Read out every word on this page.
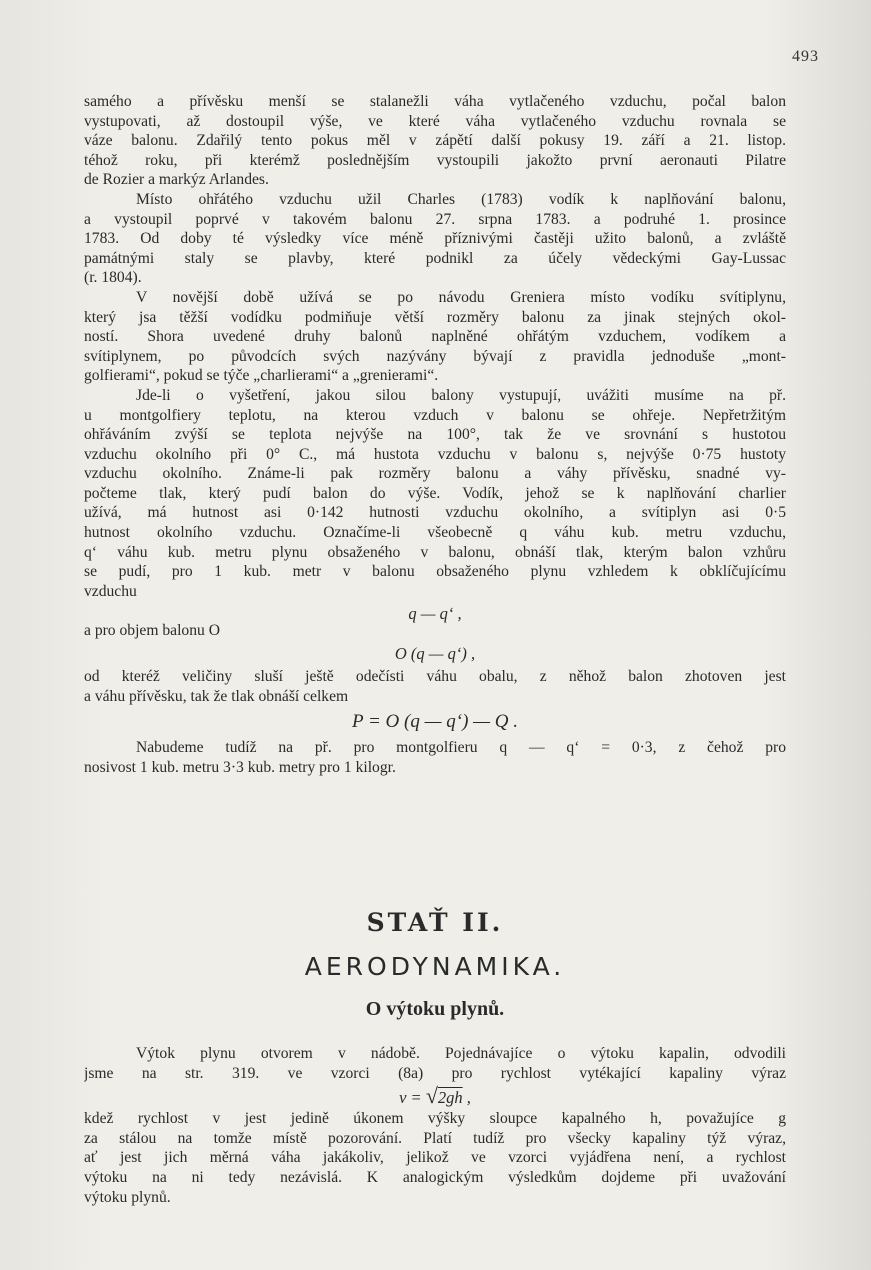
493
samého a přívěsku menší se stalanežli váha vytlačeného vzduchu, počal balon
vystupovati, až dostoupil výše, ve které váha vytlačeného vzduchu rovnala se
váze balonu. Zdařilý tento pokus měl v zápětí další pokusy 19. září a 21. listop.
téhož roku, při kterémž poslednějším vystoupili jakožto první aeronauti Pilatre
de Rozier a markýz Arlandes.
Místo ohřátého vzduchu užil Charles (1783) vodík k naplňování balonu,
a vystoupil poprvé v takovém balonu 27. srpna 1783. a podruhé 1. prosince
1783. Od doby té výsledky více méně příznivými častěji užito balonů, a zvláště
památnými staly se plavby, které podnikl za účely vědeckými Gay-Lussac
(r. 1804).
V novější době užívá se po návodu Greniera místo vodíku svítiplynu,
který jsa těžší vodídku podmiňuje větší rozměry balonu za jinak stejných okol-
ností. Shora uvedené druhy balonů naplněné ohřátým vzduchem, vodíkem a
svítiplynem, po původcích svých nazývány bývají z pravidla jednoduše „mont-
golfierami“, pokud se týče „charlierami“ a „grenierami“.
Jde-li o vyšetření, jakou silou balony vystupují, uvážiti musíme na př.
u montgolfiery teplotu, na kterou vzduch v balonu se ohřeje. Nepřetržitým
ohřáváním zvýší se teplota nejvýše na 100°, tak že ve srovnání s hustotou
vzduchu okolního při 0° C., má hustota vzduchu v balonu s, nejvýše 0·75 hustoty
vzduchu okolního. Známe-li pak rozměry balonu a váhy přívěsku, snadné vy-
počteme tlak, který pudí balon do výše. Vodík, jehož se k naplňování charlier
užívá, má hutnost asi 0·142 hutnosti vzduchu okolního, a svítiplyn asi 0·5
hutnost okolního vzduchu. Označíme-li všeobecně q váhu kub. metru vzduchu,
q‘ váhu kub. metru plynu obsaženého v balonu, obnáší tlak, kterým balon vzhůru
se pudí, pro 1 kub. metr v balonu obsaženého plynu vzhledem k obklíčujícímu
vzduchu
q — q‘ ,
a pro objem balonu O
O (q — q‘) ,
od kteréž veličiny sluší ještě odečísti váhu obalu, z něhož balon zhotoven jest
a váhu přívěsku, tak že tlak obnáší celkem
P = O (q — q‘) — Q .
Nabudeme tudíž na př. pro montgolfieru q — q‘ = 0·3, z čehož pro
nosivost 1 kub. metru 3·3 kub. metry pro 1 kilogr.
STAŤ II.
AERODYNAMIKA.
O výtoku plynů.
Výtok plynu otvorem v nádobě. Pojednávajíce o výtoku kapalin, odvodili
jsme na str. 319. ve vzorci (8a) pro rychlost vytékající kapaliny výraz
v = √2gh ,
kdež rychlost v jest jedině úkonem výšky sloupce kapalného h, považujíce g
za stálou na tomže místě pozorování. Platí tudíž pro všecky kapaliny týž výraz,
ať jest jich měrná váha jakákoliv, jelikož ve vzorci vyjádřena není, a rychlost
výtoku na ni tedy nezávislá. K analogickým výsledkům dojdeme při uvažování
výtoku plynů.
